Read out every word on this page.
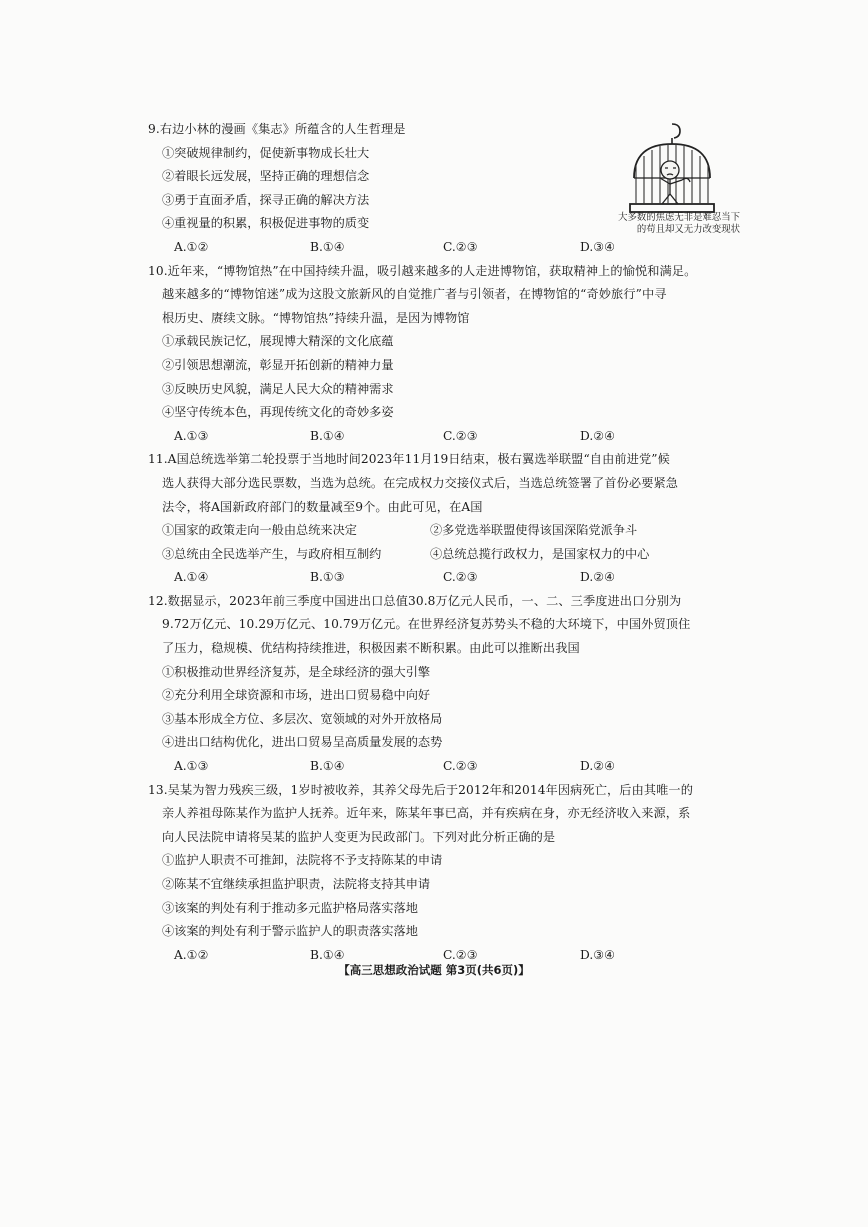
9.右边小林的漫画《集志》所蕴含的人生哲理是
①突破规律制约，促使新事物成长壮大
②着眼长远发展，坚持正确的理想信念
③勇于直面矛盾，探寻正确的解决方法
④重视量的积累，积极促进事物的质变
A.①②	B.①④	C.②③	D.③④
10.近年来，“博物馆热”在中国持续升温，吸引越来越多的人走进博物馆，获取精神上的愉悦和满足。
越来越多的“博物馆迷”成为这股文旅新风的自觉推广者与引领者，在博物馆的“奇妙旅行”中寻
根历史、赓续文脉。“博物馆热”持续升温，是因为博物馆
①承载民族记忆，展现博大精深的文化底蕴
②引领思想潮流，彰显开拓创新的精神力量
③反映历史风貌，满足人民大众的精神需求
④坚守传统本色，再现传统文化的奇妙多姿
A.①③	B.①④	C.②③	D.②④
11.A国总统选举第二轮投票于当地时间2023年11月19日结束，极右翼选举联盟“自由前进党”候
选人获得大部分选民票数，当选为总统。在完成权力交接仪式后，当选总统签署了首份必要紧急
法令，将A国新政府部门的数量减至9个。由此可见，在A国
①国家的政策走向一般由总统来决定	②多党选举联盟使得该国深陷党派争斗
③总统由全民选举产生，与政府相互制约	④总统总揽行政权力，是国家权力的中心
A.①④	B.①③	C.②③	D.②④
12.数据显示，2023年前三季度中国进出口总值30.8万亿元人民币，一、二、三季度进出口分别为
9.72万亿元、10.29万亿元、10.79万亿元。在世界经济复苏势头不稳的大环境下，中国外贸顶住
了压力，稳规模、优结构持续推进，积极因素不断积累。由此可以推断出我国
①积极推动世界经济复苏，是全球经济的强大引擎
②充分利用全球资源和市场，进出口贸易稳中向好
③基本形成全方位、多层次、宽领域的对外开放格局
④进出口结构优化，进出口贸易呈高质量发展的态势
A.①③	B.①④	C.②③	D.②④
13.吴某为智力残疾三级，1岁时被收养，其养父母先后于2012年和2014年因病死亡，后由其唯一的
亲人养祖母陈某作为监护人抚养。近年来，陈某年事已高，并有疾病在身，亦无经济收入来源，系
向人民法院申请将吴某的监护人变更为民政部门。下列对此分析正确的是
①监护人职责不可推卸，法院将不予支持陈某的申请
②陈某不宜继续承担监护职责，法院将支持其申请
③该案的判处有利于推动多元监护格局落实落地
④该案的判处有利于警示监护人的职责落实落地
A.①②	B.①④	C.②③	D.③④
大多数的焦虑无非是难忍当下
的苟且却又无力改变现状
【高三思想政治试题 第3页(共6页)】
